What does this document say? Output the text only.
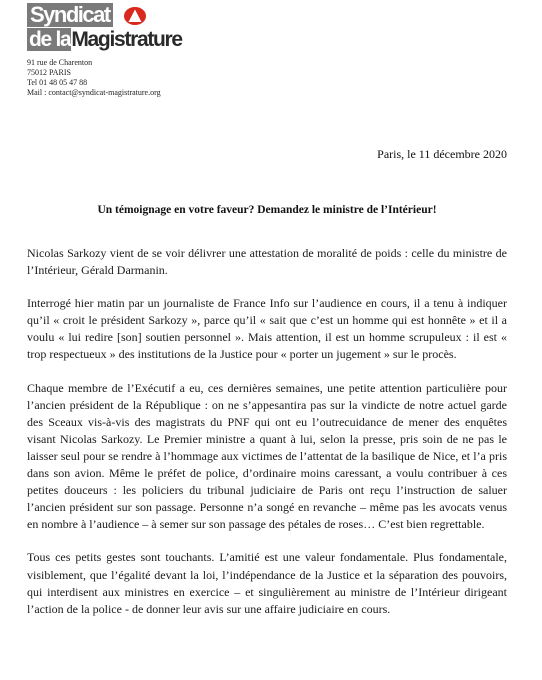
Syndicat
de laMagistrature
91 rue de Charenton
75012 PARIS
Tel 01 48 05 47 88
Mail : contact@syndicat-magistrature.org
Paris, le 11 décembre 2020
Un témoignage en votre faveur? Demandez le ministre de l’Intérieur!

Nicolas Sarkozy vient de se voir délivrer une attestation de moralité de poids : celle du ministre de l’Intérieur, Gérald Darmanin.

Interrogé hier matin par un journaliste de France Info sur l’audience en cours, il a tenu à indiquer qu’il « croit le président Sarkozy », parce qu’il « sait que c’est un homme qui est honnête » et il a voulu « lui redire [son] soutien personnel ». Mais attention, il est un homme scrupuleux : il est « trop respectueux » des institutions de la Justice pour « porter un jugement » sur le procès.

Chaque membre de l’Exécutif a eu, ces dernières semaines, une petite attention particulière pour l’ancien président de la République : on ne s’appesantira pas sur la vindicte de notre actuel garde des Sceaux vis-à-vis des magistrats du PNF qui ont eu l’outrecuidance de mener des enquêtes visant Nicolas Sarkozy. Le Premier ministre a quant à lui, selon la presse, pris soin de ne pas le laisser seul pour se rendre à l’hommage aux victimes de l’attentat de la basilique de Nice, et l’a pris dans son avion. Même le préfet de police, d’ordinaire moins caressant, a voulu contribuer à ces petites douceurs : les policiers du tribunal judiciaire de Paris ont reçu l’instruction de saluer l’ancien président sur son passage. Personne n’a songé en revanche – même pas les avocats venus en nombre à l’audience – à semer sur son passage des pétales de roses… C’est bien regrettable.

Tous ces petits gestes sont touchants. L’amitié est une valeur fondamentale. Plus fondamentale, visiblement, que l’égalité devant la loi, l’indépendance de la Justice et la séparation des pouvoirs, qui interdisent aux ministres en exercice – et singulièrement au ministre de l’Intérieur dirigeant l’action de la police - de donner leur avis sur une affaire judiciaire en cours.
